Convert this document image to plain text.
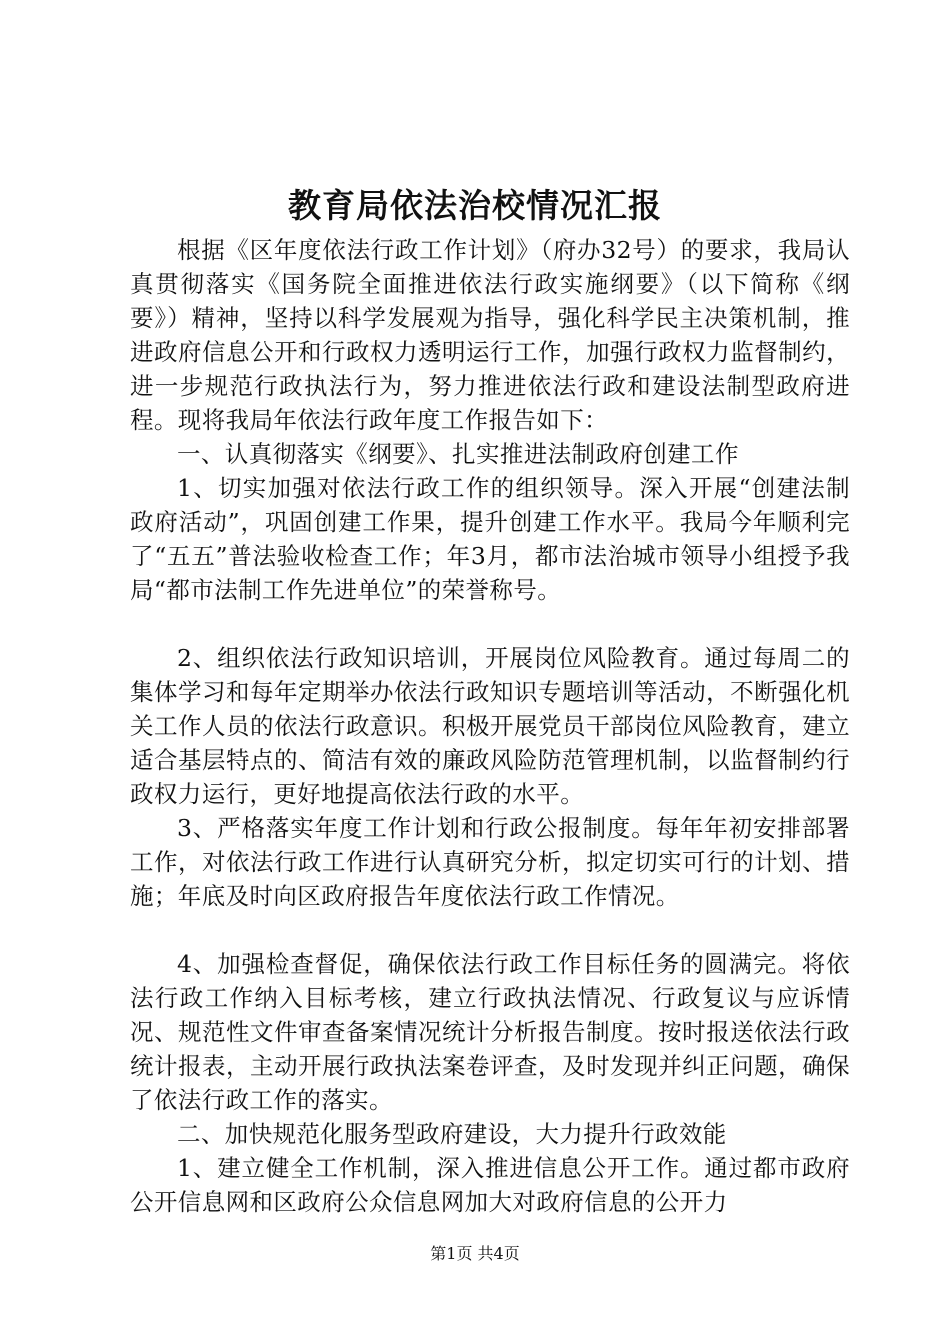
教育局依法治校情况汇报

根据《区年度依法行政工作计划》（府办32号）的要求，我局认真贯彻落实《国务院全面推进依法行政实施纲要》（以下简称《纲要》）精神，坚持以科学发展观为指导，强化科学民主决策机制，推进政府信息公开和行政权力透明运行工作，加强行政权力监督制约，进一步规范行政执法行为，努力推进依法行政和建设法制型政府进程。现将我局年依法行政年度工作报告如下：

一、认真彻落实《纲要》、扎实推进法制政府创建工作

1、切实加强对依法行政工作的组织领导。深入开展“创建法制政府活动”，巩固创建工作果，提升创建工作水平。我局今年顺利完了“五五”普法验收检查工作；年3月，都市法治城市领导小组授予我局“都市法制工作先进单位”的荣誉称号。

2、组织依法行政知识培训，开展岗位风险教育。通过每周二的集体学习和每年定期举办依法行政知识专题培训等活动，不断强化机关工作人员的依法行政意识。积极开展党员干部岗位风险教育，建立适合基层特点的、简洁有效的廉政风险防范管理机制，以监督制约行政权力运行，更好地提高依法行政的水平。

3、严格落实年度工作计划和行政公报制度。每年年初安排部署工作，对依法行政工作进行认真研究分析，拟定切实可行的计划、措施；年底及时向区政府报告年度依法行政工作情况。

4、加强检查督促，确保依法行政工作目标任务的圆满完。将依法行政工作纳入目标考核，建立行政执法情况、行政复议与应诉情况、规范性文件审查备案情况统计分析报告制度。按时报送依法行政统计报表，主动开展行政执法案卷评查，及时发现并纠正问题，确保了依法行政工作的落实。

二、加快规范化服务型政府建设，大力提升行政效能

1、建立健全工作机制，深入推进信息公开工作。通过都市政府公开信息网和区政府公众信息网加大对政府信息的公开力

第1页 共4页
